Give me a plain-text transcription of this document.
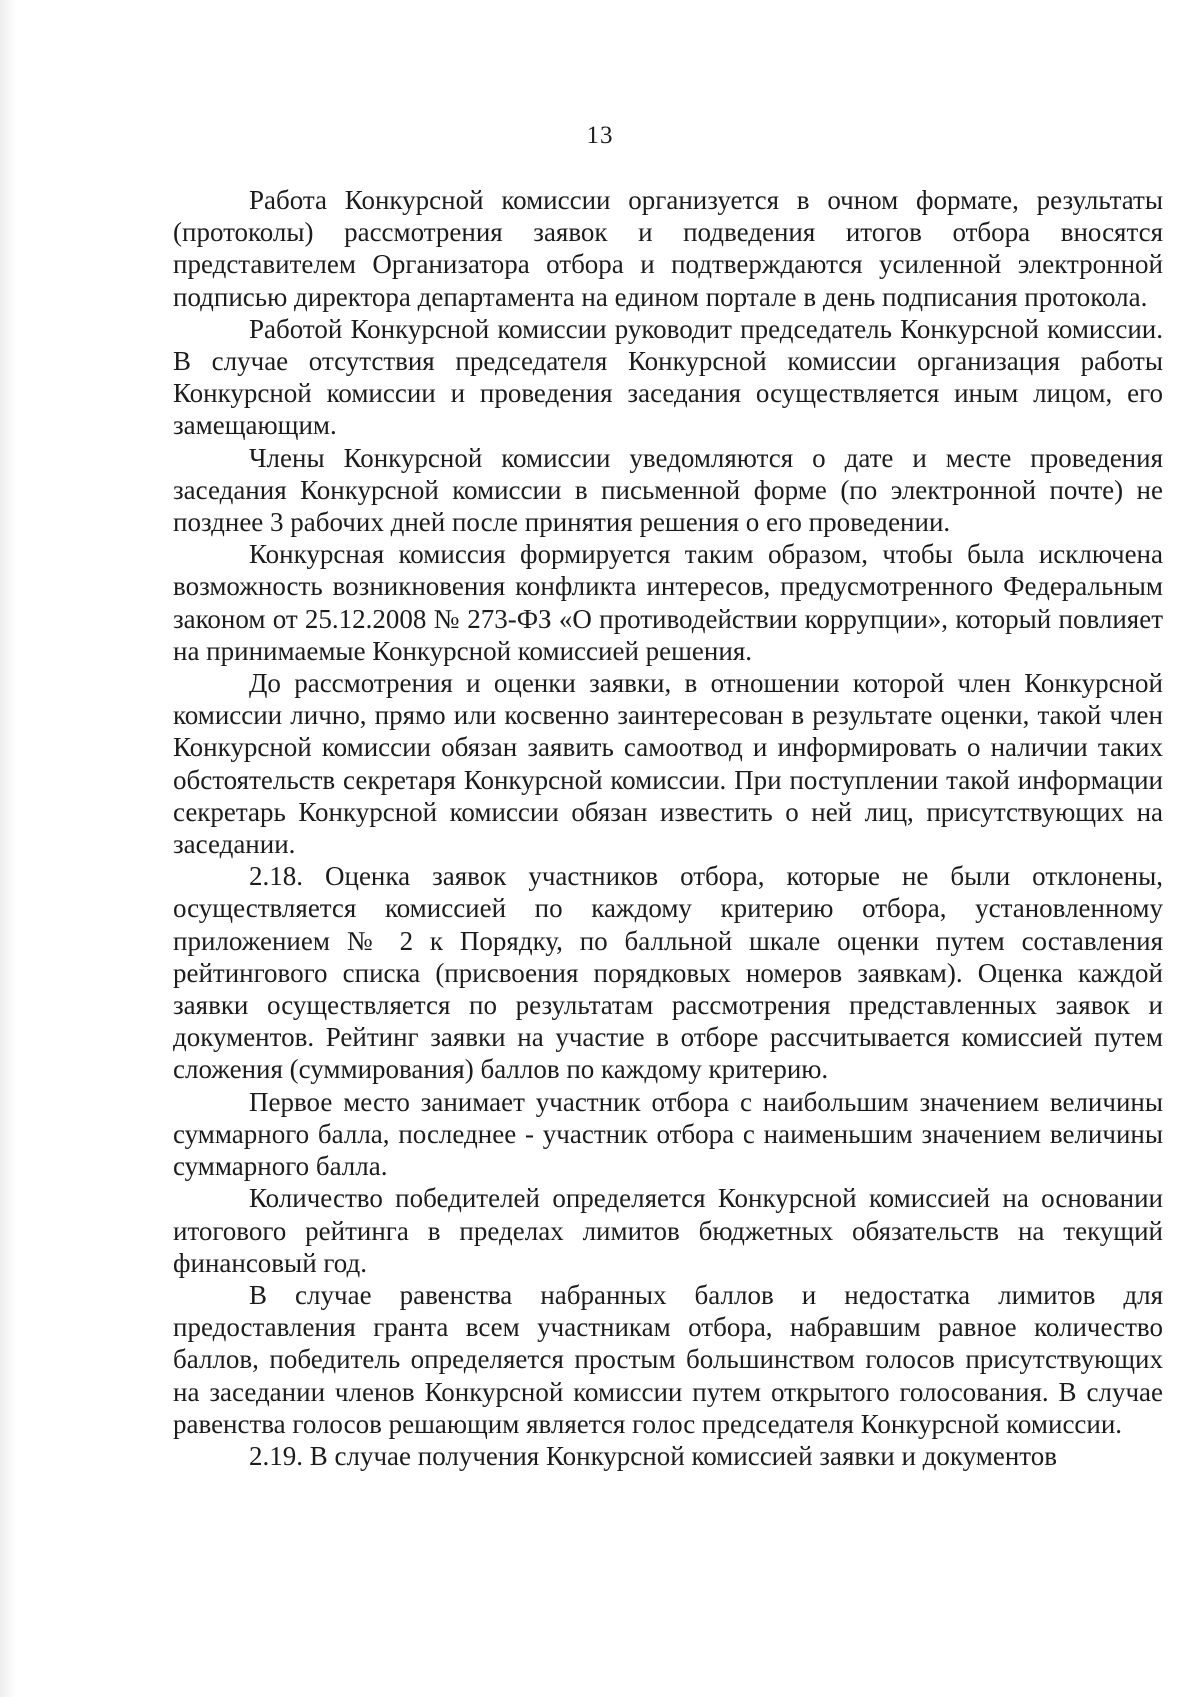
13

Работа Конкурсной комиссии организуется в очном формате, результаты (протоколы) рассмотрения заявок и подведения итогов отбора вносятся представителем Организатора отбора и подтверждаются усиленной электронной подписью директора департамента на едином портале в день подписания протокола.

Работой Конкурсной комиссии руководит председатель Конкурсной комиссии. В случае отсутствия председателя Конкурсной комиссии организация работы Конкурсной комиссии и проведения заседания осуществляется иным лицом, его замещающим.

Члены Конкурсной комиссии уведомляются о дате и месте проведения заседания Конкурсной комиссии в письменной форме (по электронной почте) не позднее 3 рабочих дней после принятия решения о его проведении.

Конкурсная комиссия формируется таким образом, чтобы была исключена возможность возникновения конфликта интересов, предусмотренного Федеральным законом от 25.12.2008 № 273-ФЗ «О противодействии коррупции», который повлияет на принимаемые Конкурсной комиссией решения.

До рассмотрения и оценки заявки, в отношении которой член Конкурсной комиссии лично, прямо или косвенно заинтересован в результате оценки, такой член Конкурсной комиссии обязан заявить самоотвод и информировать о наличии таких обстоятельств секретаря Конкурсной комиссии. При поступлении такой информации секретарь Конкурсной комиссии обязан известить о ней лиц, присутствующих на заседании.

2.18. Оценка заявок участников отбора, которые не были отклонены, осуществляется комиссией по каждому критерию отбора, установленному приложением № 2 к Порядку, по балльной шкале оценки путем составления рейтингового списка (присвоения порядковых номеров заявкам). Оценка каждой заявки осуществляется по результатам рассмотрения представленных заявок и документов. Рейтинг заявки на участие в отборе рассчитывается комиссией путем сложения (суммирования) баллов по каждому критерию.

Первое место занимает участник отбора с наибольшим значением величины суммарного балла, последнее - участник отбора с наименьшим значением величины суммарного балла.

Количество победителей определяется Конкурсной комиссией на основании итогового рейтинга в пределах лимитов бюджетных обязательств на текущий финансовый год.

В случае равенства набранных баллов и недостатка лимитов для предоставления гранта всем участникам отбора, набравшим равное количество баллов, победитель определяется простым большинством голосов присутствующих на заседании членов Конкурсной комиссии путем открытого голосования. В случае равенства голосов решающим является голос председателя Конкурсной комиссии.

2.19. В случае получения Конкурсной комиссией заявки и документов
